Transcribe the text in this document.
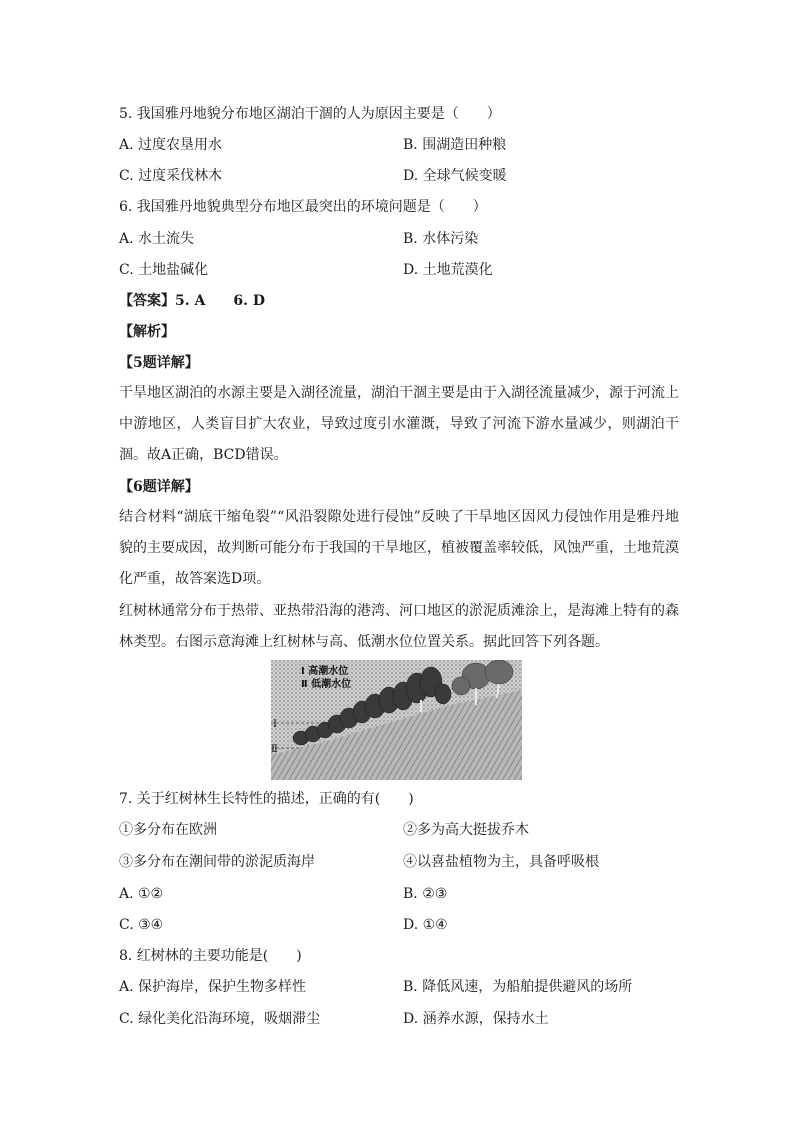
5. 我国雅丹地貌分布地区湖泊干涸的人为原因主要是（　　）
A. 过度农垦用水	B. 围湖造田种粮
C. 过度采伐林木	D. 全球气候变暖
6. 我国雅丹地貌典型分布地区最突出的环境问题是（　　）
A. 水土流失	B. 水体污染
C. 土地盐碱化	D. 土地荒漠化
【答案】5. A　　6. D
【解析】
【5题详解】
干旱地区湖泊的水源主要是入湖径流量，湖泊干涸主要是由于入湖径流量减少，源于河流上中游地区，人类盲目扩大农业，导致过度引水灌溉，导致了河流下游水量减少，则湖泊干涸。故A正确，BCD错误。
【6题详解】
结合材料“湖底干缩龟裂”“风沿裂隙处进行侵蚀”反映了干旱地区因风力侵蚀作用是雅丹地貌的主要成因，故判断可能分布于我国的干旱地区，植被覆盖率较低，风蚀严重，土地荒漠化严重，故答案选D项。
红树林通常分布于热带、亚热带沿海的港湾、河口地区的淤泥质滩涂上，是海滩上特有的森林类型。右图示意海滩上红树林与高、低潮水位位置关系。据此回答下列各题。
Ⅰ 高潮水位
Ⅱ 低潮水位
Ⅰ
Ⅱ
7. 关于红树林生长特性的描述，正确的有(　　)
①多分布在欧洲	②多为高大挺拔乔木
③多分布在潮间带的淤泥质海岸	④以喜盐植物为主，具备呼吸根
A. ①②	B. ②③
C. ③④	D. ①④
8. 红树林的主要功能是(　　)
A. 保护海岸，保护生物多样性	B. 降低风速，为船舶提供避风的场所
C. 绿化美化沿海环境，吸烟滞尘	D. 涵养水源，保持水土
